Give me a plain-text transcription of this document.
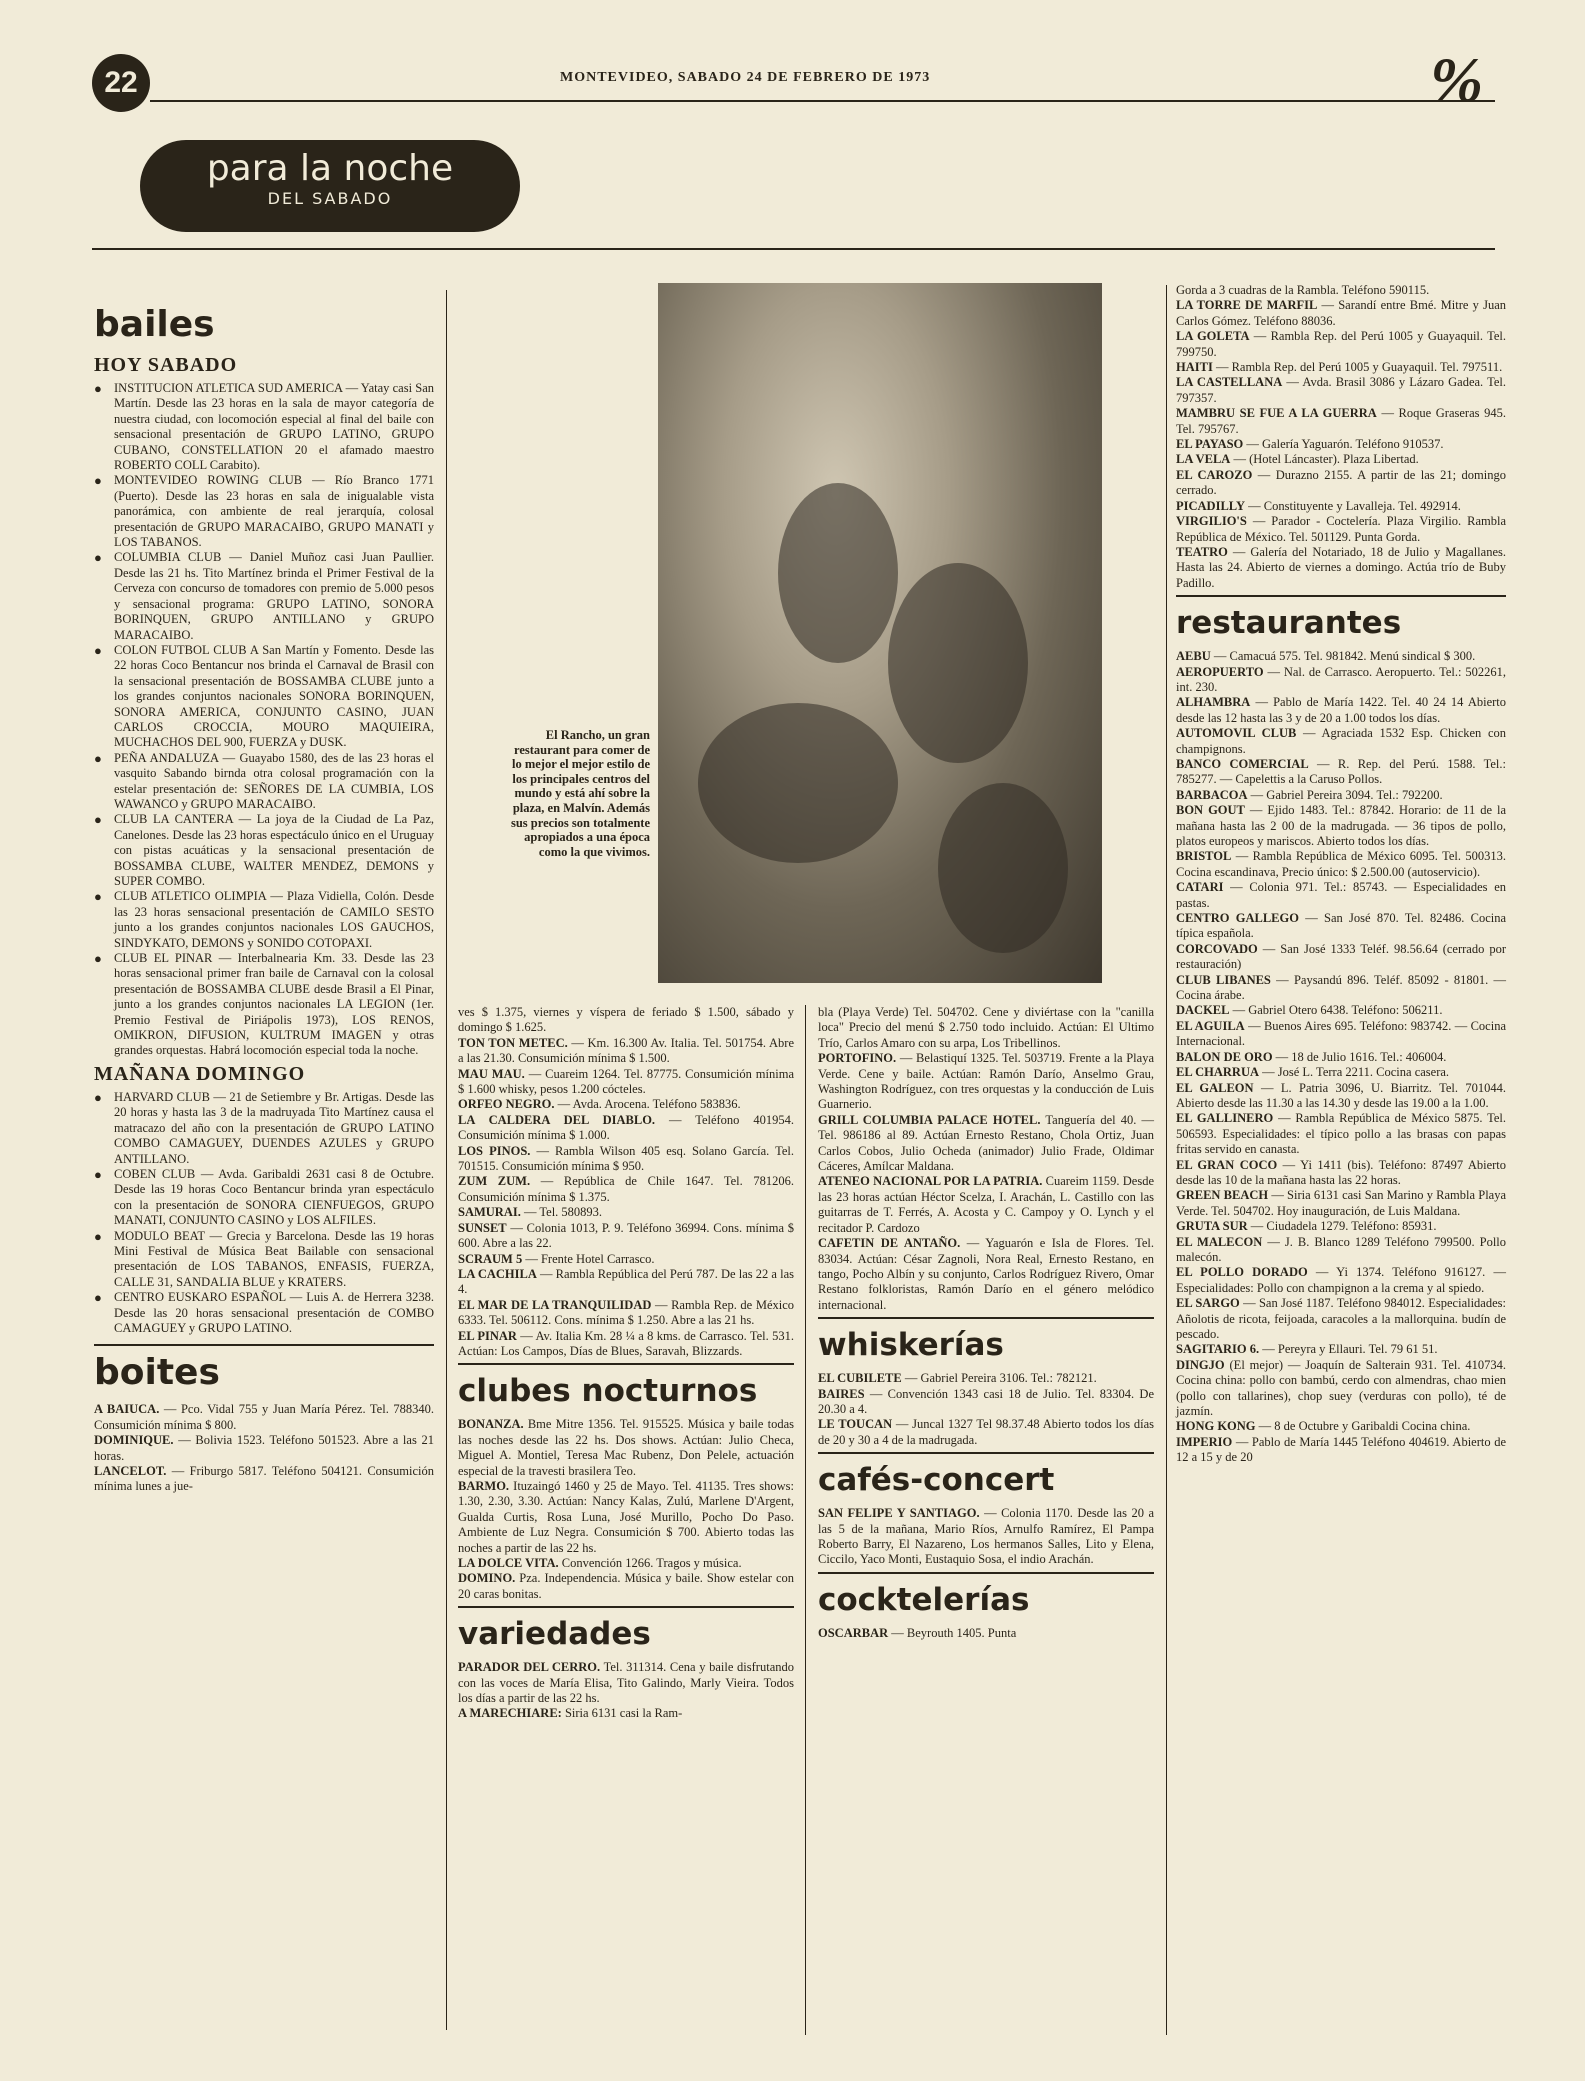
22	MONTEVIDEO, SABADO 24 DE FEBRERO DE 1973	%
para la noche
DEL SABADO
bailes
HOY SABADO

● INSTITUCION ATLETICA SUD AMERICA — Yatay casi San Martín. Desde las 23 horas en la sala de mayor categoría de nuestra ciudad, con locomoción especial al final del baile con sensacional presentación de GRUPO LATINO, GRUPO CUBANO, CONSTELLATION 20 el afamado maestro ROBERTO COLL Carabito).

● MONTEVIDEO ROWING CLUB — Río Branco 1771 (Puerto). Desde las 23 horas en sala de inigualable vista panorámica, con ambiente de real jerarquía, colosal presentación de GRUPO MARACAIBO, GRUPO MANATI y LOS TABANOS.

● COLUMBIA CLUB — Daniel Muñoz casi Juan Paullier. Desde las 21 hs. Tito Martínez brinda el Primer Festival de la Cerveza con concurso de tomadores con premio de 5.000 pesos y sensacional programa: GRUPO LATINO, SONORA BORINQUEN, GRUPO ANTILLANO y GRUPO MARACAIBO.

● COLON FUTBOL CLUB A San Martín y Fomento. Desde las 22 horas Coco Bentancur nos brinda el Carnaval de Brasil con la sensacional presentación de BOSSAMBA CLUBE junto a los grandes conjuntos nacionales SONORA BORINQUEN, SONORA AMERICA, CONJUNTO CASINO, JUAN CARLOS CROCCIA, MOURO MAQUIEIRA, MUCHACHOS DEL 900, FUERZA y DUSK.

● PEÑA ANDALUZA — Guayabo 1580, des de las 23 horas el vasquito Sabando birnda otra colosal programación con la estelar presentación de: SEÑORES DE LA CUMBIA, LOS WAWANCO y GRUPO MARACAIBO.

● CLUB LA CANTERA — La joya de la Ciudad de La Paz, Canelones. Desde las 23 horas espectáculo único en el Uruguay con pistas acuáticas y la sensacional presentación de BOSSAMBA CLUBE, WALTER MENDEZ, DEMONS y SUPER COMBO.

● CLUB ATLETICO OLIMPIA — Plaza Vidiella, Colón. Desde las 23 horas sensacional presentación de CAMILO SESTO junto a los grandes conjuntos nacionales LOS GAUCHOS, SINDYKATO, DEMONS y SONIDO COTOPAXI.

● CLUB EL PINAR — Interbalnearia Km. 33. Desde las 23 horas sensacional primer fran baile de Carnaval con la colosal presentación de BOSSAMBA CLUBE desde Brasil a El Pinar, junto a los grandes conjuntos nacionales LA LEGION (1er. Premio Festival de Piriápolis 1973), LOS RENOS, OMIKRON, DIFUSION, KULTRUM IMAGEN y otras grandes orquestas. Habrá locomoción especial toda la noche.

MAÑANA DOMINGO

● HARVARD CLUB — 21 de Setiembre y Br. Artigas. Desde las 20 horas y hasta las 3 de la madruyada Tito Martínez causa el matracazo del año con la presentación de GRUPO LATINO COMBO CAMAGUEY, DUENDES AZULES y GRUPO ANTILLANO.

● COBEN CLUB — Avda. Garibaldi 2631 casi 8 de Octubre. Desde las 19 horas Coco Bentancur brinda yran espectáculo con la presentación de SONORA CIENFUEGOS, GRUPO MANATI, CONJUNTO CASINO y LOS ALFILES.

● MODULO BEAT — Grecia y Barcelona. Desde las 19 horas Mini Festival de Música Beat Bailable con sensacional presentación de LOS TABANOS, ENFASIS, FUERZA, CALLE 31, SANDALIA BLUE y KRATERS.

● CENTRO EUSKARO ESPAÑOL — Luis A. de Herrera 3238. Desde las 20 horas sensacional presentación de COMBO CAMAGUEY y GRUPO LATINO.

boites

A BAIUCA. — Pco. Vidal 755 y Juan María Pérez. Tel. 788340. Consumición mínima $ 800.

DOMINIQUE. — Bolivia 1523. Teléfono 501523. Abre a las 21 horas.

LANCELOT. — Friburgo 5817. Teléfono 504121. Consumición mínima lunes a jue-

El Rancho, un gran restaurant para comer de lo mejor el mejor estilo de los principales centros del mundo y está ahí sobre la plaza, en Malvín. Además sus precios son totalmente apropiados a una época como la que vivimos.

ves $ 1.375, viernes y víspera de feriado $ 1.500, sábado y domingo $ 1.625.

TON TON METEC. — Km. 16.300 Av. Italia. Tel. 501754. Abre a las 21.30. Consumición mínima $ 1.500.

MAU MAU. — Cuareim 1264. Tel. 87775. Consumición mínima $ 1.600 whisky, pesos 1.200 cócteles.

ORFEO NEGRO. — Avda. Arocena. Teléfono 583836.

LA CALDERA DEL DIABLO. — Teléfono 401954. Consumición mínima $ 1.000.

LOS PINOS. — Rambla Wilson 405 esq. Solano García. Tel. 701515. Consumición mínima $ 950.

ZUM ZUM. — República de Chile 1647. Tel. 781206. Consumición mínima $ 1.375.

SAMURAI. — Tel. 580893.

SUNSET — Colonia 1013, P. 9. Teléfono 36994. Cons. mínima $ 600. Abre a las 22.

SCRAUM 5 — Frente Hotel Carrasco.

LA CACHILA — Rambla República del Perú 787. De las 22 a las 4.

EL MAR DE LA TRANQUILIDAD — Rambla Rep. de México 6333. Tel. 506112. Cons. mínima $ 1.250. Abre a las 21 hs.

EL PINAR — Av. Italia Km. 28 ¼ a 8 kms. de Carrasco. Tel. 531. Actúan: Los Campos, Días de Blues, Saravah, Blizzards.

clubes nocturnos

BONANZA. Bme Mitre 1356. Tel. 915525. Música y baile todas las noches desde las 22 hs. Dos shows. Actúan: Julio Checa, Miguel A. Montiel, Teresa Mac Rubenz, Don Pelele, actuación especial de la travesti brasilera Teo.

BARMO. Ituzaingó 1460 y 25 de Mayo. Tel. 41135. Tres shows: 1.30, 2.30, 3.30. Actúan: Nancy Kalas, Zulú, Marlene D'Argent, Gualda Curtis, Rosa Luna, José Murillo, Pocho Do Paso. Ambiente de Luz Negra. Consumición $ 700. Abierto todas las noches a partir de las 22 hs.

LA DOLCE VITA. Convención 1266. Tragos y música.

DOMINO. Pza. Independencia. Música y baile. Show estelar con 20 caras bonitas.

variedades

PARADOR DEL CERRO. Tel. 311314. Cena y baile disfrutando con las voces de María Elisa, Tito Galindo, Marly Vieira. Todos los días a partir de las 22 hs.

A MARECHIARE: Siria 6131 casi la Ram-

bla (Playa Verde) Tel. 504702. Cene y diviértase con la "canilla loca" Precio del menú $ 2.750 todo incluido. Actúan: El Ultimo Trío, Carlos Amaro con su arpa, Los Tribellinos.

PORTOFINO. — Belastiquí 1325. Tel. 503719. Frente a la Playa Verde. Cene y baile. Actúan: Ramón Darío, Anselmo Grau, Washington Rodríguez, con tres orquestas y la conducción de Luis Guarnerio.

GRILL COLUMBIA PALACE HOTEL. Tanguería del 40. — Tel. 986186 al 89. Actúan Ernesto Restano, Chola Ortiz, Juan Carlos Cobos, Julio Ocheda (animador) Julio Frade, Oldimar Cáceres, Amílcar Maldana.

ATENEO NACIONAL POR LA PATRIA. Cuareim 1159. Desde las 23 horas actúan Héctor Scelza, I. Arachán, L. Castillo con las guitarras de T. Ferrés, A. Acosta y C. Campoy y O. Lynch y el recitador P. Cardozo

CAFETIN DE ANTAÑO. — Yaguarón e Isla de Flores. Tel. 83034. Actúan: César Zagnoli, Nora Real, Ernesto Restano, en tango, Pocho Albín y su conjunto, Carlos Rodríguez Rivero, Omar Restano folkloristas, Ramón Darío en el género melódico internacional.

whiskerías

EL CUBILETE — Gabriel Pereira 3106. Tel.: 782121.

BAIRES — Convención 1343 casi 18 de Julio. Tel. 83304. De 20.30 a 4.

LE TOUCAN — Juncal 1327 Tel 98.37.48 Abierto todos los días de 20 y 30 a 4 de la madrugada.

cafés-concert

SAN FELIPE Y SANTIAGO. — Colonia 1170. Desde las 20 a las 5 de la mañana, Mario Ríos, Arnulfo Ramírez, El Pampa Roberto Barry, El Nazareno, Los hermanos Salles, Lito y Elena, Ciccilo, Yaco Monti, Eustaquio Sosa, el indio Arachán.

cocktelerías

OSCARBAR — Beyrouth 1405. Punta

Gorda a 3 cuadras de la Rambla. Teléfono 590115.

LA TORRE DE MARFIL — Sarandí entre Bmé. Mitre y Juan Carlos Gómez. Teléfono 88036.

LA GOLETA — Rambla Rep. del Perú 1005 y Guayaquil. Tel. 799750.

HAITI — Rambla Rep. del Perú 1005 y Guayaquil. Tel. 797511.

LA CASTELLANA — Avda. Brasil 3086 y Lázaro Gadea. Tel. 797357.

MAMBRU SE FUE A LA GUERRA — Roque Graseras 945. Tel. 795767.

EL PAYASO — Galería Yaguarón. Teléfono 910537.

LA VELA — (Hotel Láncaster). Plaza Libertad.

EL CAROZO — Durazno 2155. A partir de las 21; domingo cerrado.

PICADILLY — Constituyente y Lavalleja. Tel. 492914.

VIRGILIO'S — Parador - Coctelería. Plaza Virgilio. Rambla República de México. Tel. 501129. Punta Gorda.

TEATRO — Galería del Notariado, 18 de Julio y Magallanes. Hasta las 24. Abierto de viernes a domingo. Actúa trío de Buby Padillo.

restaurantes

AEBU — Camacuá 575. Tel. 981842. Menú sindical $ 300.

AEROPUERTO — Nal. de Carrasco. Aeropuerto. Tel.: 502261, int. 230.

ALHAMBRA — Pablo de María 1422. Tel. 40 24 14 Abierto desde las 12 hasta las 3 y de 20 a 1.00 todos los días.

AUTOMOVIL CLUB — Agraciada 1532 Esp. Chicken con champignons.

BANCO COMERCIAL — R. Rep. del Perú. 1588. Tel.: 785277. — Capelettis a la Caruso Pollos.

BARBACOA — Gabriel Pereira 3094. Tel.: 792200.

BON GOUT — Ejido 1483. Tel.: 87842. Horario: de 11 de la mañana hasta las 2 00 de la madrugada. — 36 tipos de pollo, platos europeos y mariscos. Abierto todos los días.

BRISTOL — Rambla República de México 6095. Tel. 500313. Cocina escandinava, Precio único: $ 2.500.00 (autoservicio).

CATARI — Colonia 971. Tel.: 85743. — Especialidades en pastas.

CENTRO GALLEGO — San José 870. Tel. 82486. Cocina típica española.

CORCOVADO — San José 1333 Teléf. 98.56.64 (cerrado por restauración)

CLUB LIBANES — Paysandú 896. Teléf. 85092 - 81801. — Cocina árabe.

DACKEL — Gabriel Otero 6438. Teléfono: 506211.

EL AGUILA — Buenos Aires 695. Teléfono: 983742. — Cocina Internacional.

BALON DE ORO — 18 de Julio 1616. Tel.: 406004.

EL CHARRUA — José L. Terra 2211. Cocina casera.

EL GALEON — L. Patria 3096, U. Biarritz. Tel. 701044. Abierto desde las 11.30 a las 14.30 y desde las 19.00 a la 1.00.

EL GALLINERO — Rambla República de México 5875. Tel. 506593. Especialidades: el típico pollo a las brasas con papas fritas servido en canasta.

EL GRAN COCO — Yi 1411 (bis). Teléfono: 87497 Abierto desde las 10 de la mañana hasta las 22 horas.

GREEN BEACH — Siria 6131 casi San Marino y Rambla Playa Verde. Tel. 504702. Hoy inauguración, de Luis Maldana.

GRUTA SUR — Ciudadela 1279. Teléfono: 85931.

EL MALECON — J. B. Blanco 1289 Teléfono 799500. Pollo malecón.

EL POLLO DORADO — Yi 1374. Teléfono 916127. — Especialidades: Pollo con champignon a la crema y al spiedo.

EL SARGO — San José 1187. Teléfono 984012. Especialidades: Añolotis de ricota, feijoada, caracoles a la mallorquina. budín de pescado.

SAGITARIO 6. — Pereyra y Ellauri. Tel. 79 61 51.

DINGJO (El mejor) — Joaquín de Salterain 931. Tel. 410734. Cocina china: pollo con bambú, cerdo con almendras, chao mien (pollo con tallarines), chop suey (verduras con pollo), té de jazmín.

HONG KONG — 8 de Octubre y Garibaldi Cocina china.

IMPERIO — Pablo de María 1445 Teléfono 404619. Abierto de 12 a 15 y de 20
